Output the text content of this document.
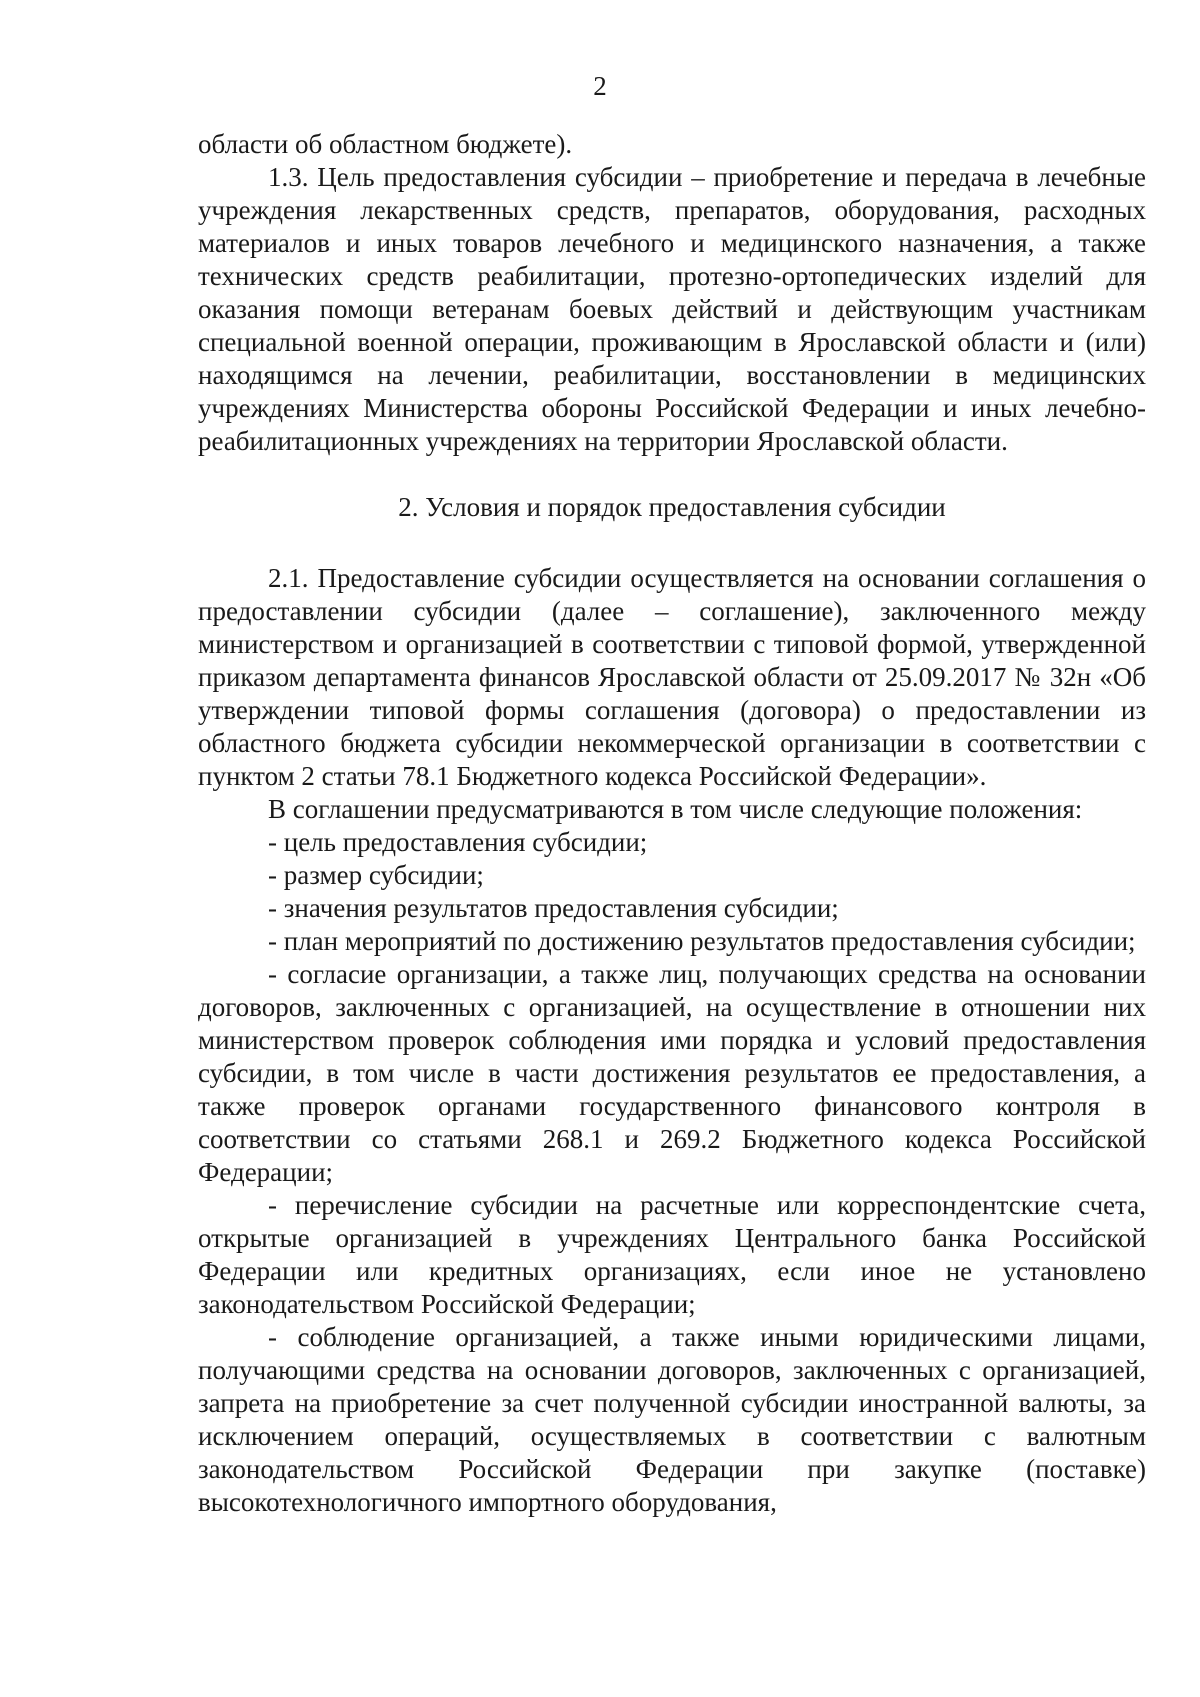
2

области об областном бюджете).

1.3. Цель предоставления субсидии – приобретение и передача в лечебные учреждения лекарственных средств, препаратов, оборудования, расходных материалов и иных товаров лечебного и медицинского назначения, а также технических средств реабилитации, протезно-ортопедических изделий для оказания помощи ветеранам боевых действий и действующим участникам специальной военной операции, проживающим в Ярославской области и (или) находящимся на лечении, реабилитации, восстановлении в медицинских учреждениях Министерства обороны Российской Федерации и иных лечебно-реабилитационных учреждениях на территории Ярославской области.

2. Условия и порядок предоставления субсидии

2.1. Предоставление субсидии осуществляется на основании соглашения о предоставлении субсидии (далее – соглашение), заключенного между министерством и организацией в соответствии с типовой формой, утвержденной приказом департамента финансов Ярославской области от 25.09.2017 № 32н «Об утверждении типовой формы соглашения (договора) о предоставлении из областного бюджета субсидии некоммерческой организации в соответствии с пунктом 2 статьи 78.1 Бюджетного кодекса Российской Федерации».

В соглашении предусматриваются в том числе следующие положения:

- цель предоставления субсидии;

- размер субсидии;

- значения результатов предоставления субсидии;

- план мероприятий по достижению результатов предоставления субсидии;

- согласие организации, а также лиц, получающих средства на основании договоров, заключенных с организацией, на осуществление в отношении них министерством проверок соблюдения ими порядка и условий предоставления субсидии, в том числе в части достижения результатов ее предоставления, а также проверок органами государственного финансового контроля в соответствии со статьями 268.1 и 269.2 Бюджетного кодекса Российской Федерации;

- перечисление субсидии на расчетные или корреспондентские счета, открытые организацией в учреждениях Центрального банка Российской Федерации или кредитных организациях, если иное не установлено законодательством Российской Федерации;

- соблюдение организацией, а также иными юридическими лицами, получающими средства на основании договоров, заключенных с организацией, запрета на приобретение за счет полученной субсидии иностранной валюты, за исключением операций, осуществляемых в соответствии с валютным законодательством Российской Федерации при закупке (поставке) высокотехнологичного импортного оборудования,
